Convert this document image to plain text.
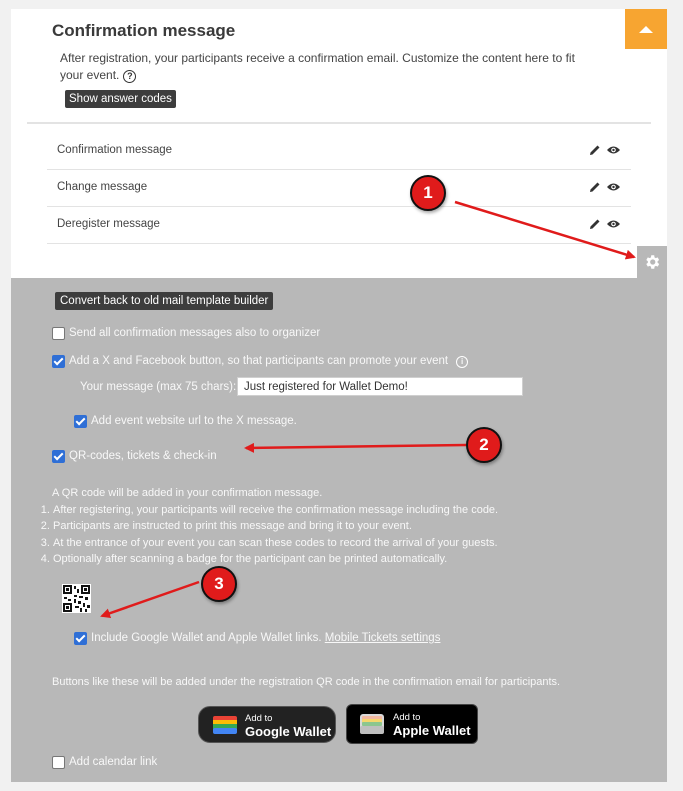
Confirmation message
After registration, your participants receive a confirmation email. Customize the content here to fit your event. ?
Show answer codes
Confirmation message
Change message
Deregister message
Convert back to old mail template builder
Send all confirmation messages also to organizer
Add a X and Facebook button, so that participants can promote your event i
Your message (max 75 chars): Just registered for Wallet Demo!
Add event website url to the X message.
QR-codes, tickets & check-in
A QR code will be added in your confirmation message.
1. After registering, your participants will receive the confirmation message including the code.
2. Participants are instructed to print this message and bring it to your event.
3. At the entrance of your event you can scan these codes to record the arrival of your guests.
4. Optionally after scanning a badge for the participant can be printed automatically.
Include Google Wallet and Apple Wallet links. Mobile Tickets settings
Buttons like these will be added under the registration QR code in the confirmation email for participants.
Add to
Google Wallet
Add to
Apple Wallet
Add calendar link
1
2
3
